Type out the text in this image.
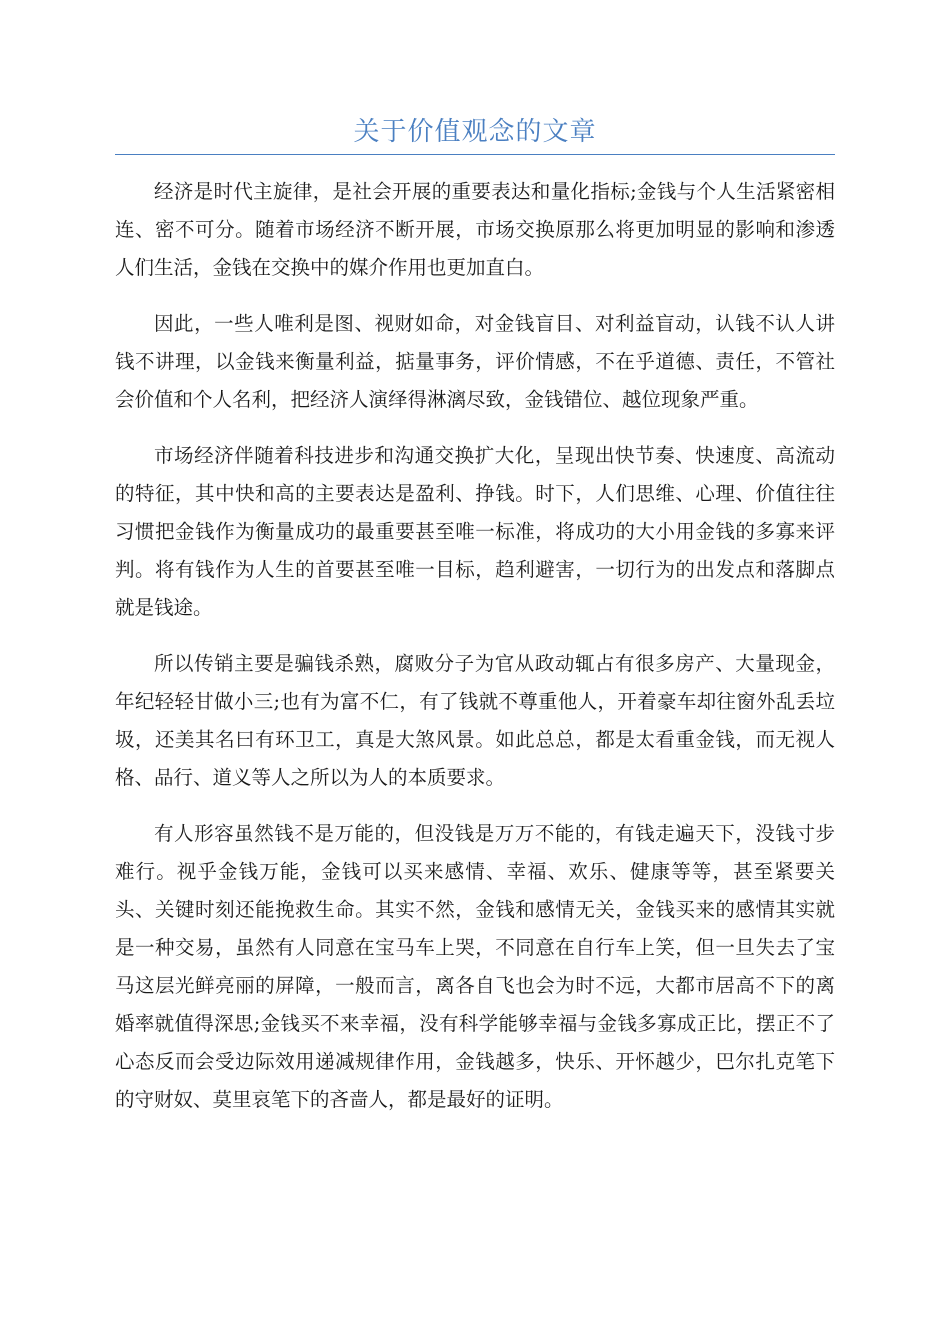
关于价值观念的文章

经济是时代主旋律，是社会开展的重要表达和量化指标;金钱与个人生活紧密相连、密不可分。随着市场经济不断开展，市场交换原那么将更加明显的影响和渗透人们生活，金钱在交换中的媒介作用也更加直白。

因此，一些人唯利是图、视财如命，对金钱盲目、对利益盲动，认钱不认人讲钱不讲理，以金钱来衡量利益，掂量事务，评价情感，不在乎道德、责任，不管社会价值和个人名利，把经济人演绎得淋漓尽致，金钱错位、越位现象严重。

市场经济伴随着科技进步和沟通交换扩大化，呈现出快节奏、快速度、高流动的特征，其中快和高的主要表达是盈利、挣钱。时下，人们思维、心理、价值往往习惯把金钱作为衡量成功的最重要甚至唯一标准，将成功的大小用金钱的多寡来评判。将有钱作为人生的首要甚至唯一目标，趋利避害，一切行为的出发点和落脚点就是钱途。

所以传销主要是骗钱杀熟，腐败分子为官从政动辄占有很多房产、大量现金，年纪轻轻甘做小三;也有为富不仁，有了钱就不尊重他人，开着豪车却往窗外乱丢垃圾，还美其名曰有环卫工，真是大煞风景。如此总总，都是太看重金钱，而无视人格、品行、道义等人之所以为人的本质要求。

有人形容虽然钱不是万能的，但没钱是万万不能的，有钱走遍天下，没钱寸步难行。视乎金钱万能，金钱可以买来感情、幸福、欢乐、健康等等，甚至紧要关头、关键时刻还能挽救生命。其实不然，金钱和感情无关，金钱买来的感情其实就是一种交易，虽然有人同意在宝马车上哭，不同意在自行车上笑，但一旦失去了宝马这层光鲜亮丽的屏障，一般而言，离各自飞也会为时不远，大都市居高不下的离婚率就值得深思;金钱买不来幸福，没有科学能够幸福与金钱多寡成正比，摆正不了心态反而会受边际效用递减规律作用，金钱越多，快乐、开怀越少，巴尔扎克笔下的守财奴、莫里哀笔下的吝啬人，都是最好的证明。
